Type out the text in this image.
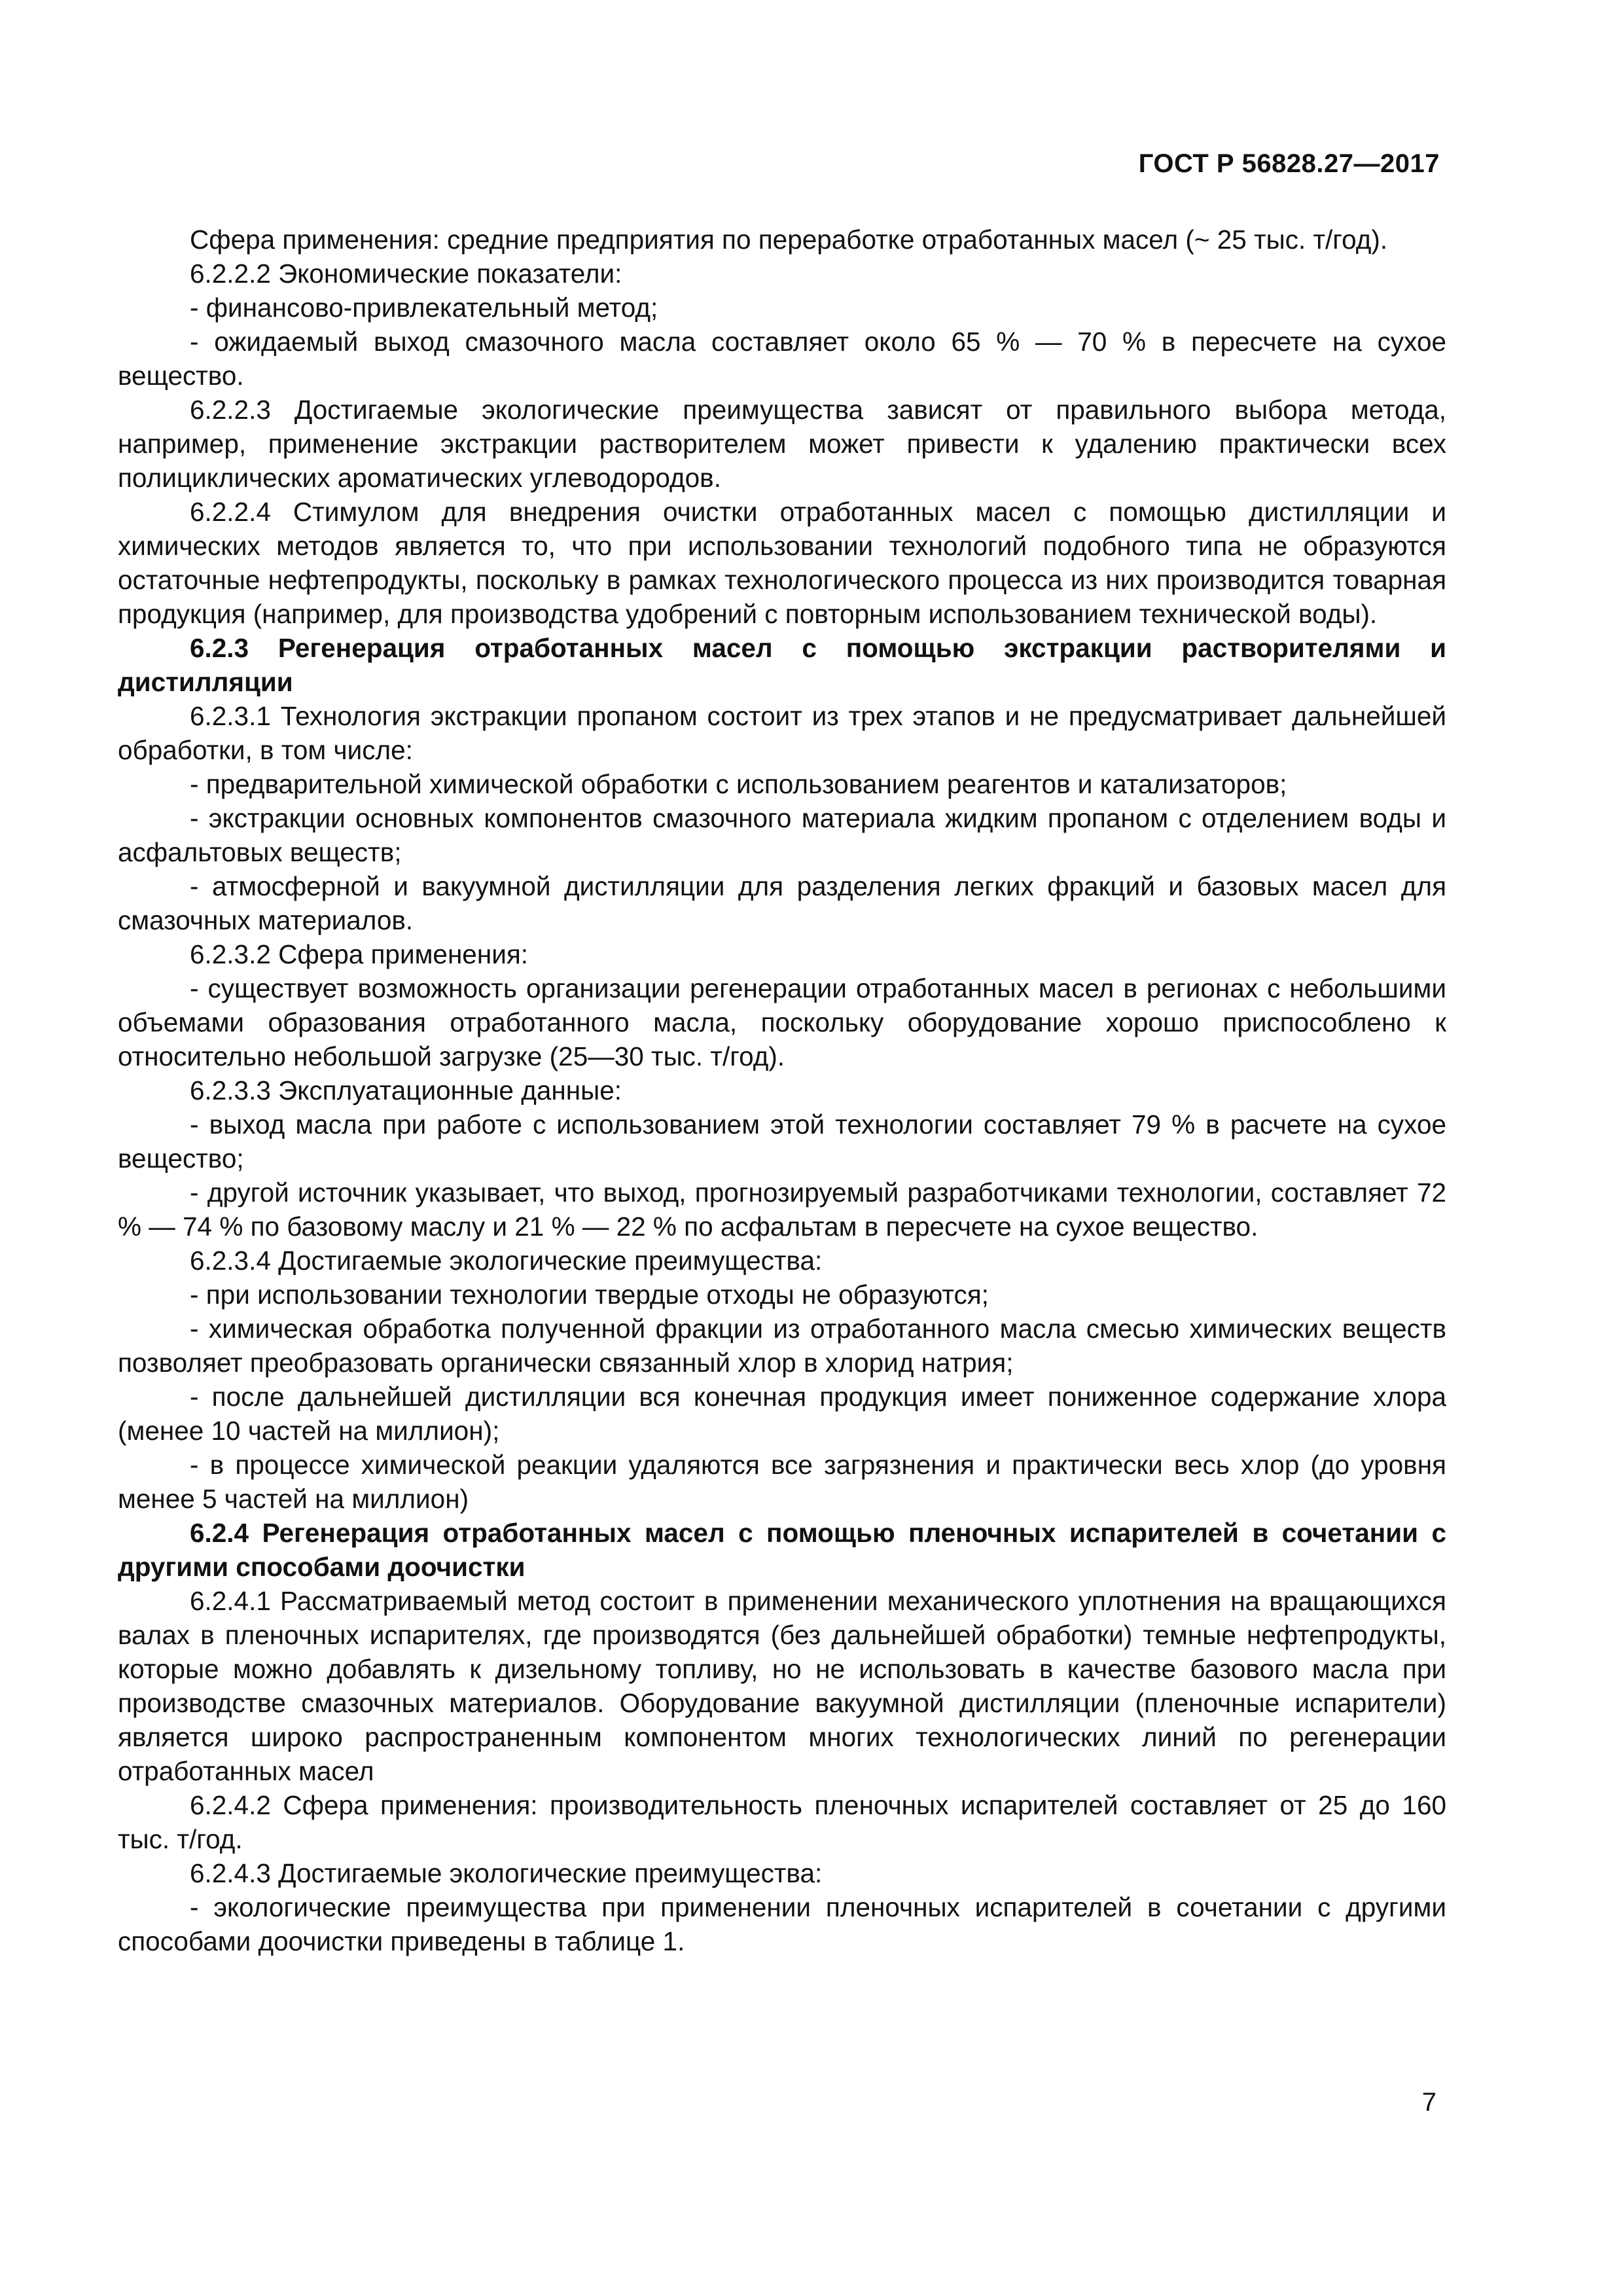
ГОСТ Р 56828.27—2017

Сфера применения: средние предприятия по переработке отработанных масел (~ 25 тыс. т/год).

6.2.2.2 Экономические показатели:

- финансово-привлекательный метод;

- ожидаемый выход смазочного масла составляет около 65 % — 70 % в пересчете на сухое вещество.

6.2.2.3 Достигаемые экологические преимущества зависят от правильного выбора метода, например, применение экстракции растворителем может привести к удалению практически всех полициклических ароматических углеводородов.

6.2.2.4 Стимулом для внедрения очистки отработанных масел с помощью дистилляции и химических методов является то, что при использовании технологий подобного типа не образуются остаточные нефтепродукты, поскольку в рамках технологического процесса из них производится товарная продукция (например, для производства удобрений с повторным использованием технической воды).

6.2.3 Регенерация отработанных масел с помощью экстракции растворителями и дистилляции

6.2.3.1 Технология экстракции пропаном состоит из трех этапов и не предусматривает дальнейшей обработки, в том числе:

- предварительной химической обработки с использованием реагентов и катализаторов;

- экстракции основных компонентов смазочного материала жидким пропаном с отделением воды и асфальтовых веществ;

- атмосферной и вакуумной дистилляции для разделения легких фракций и базовых масел для смазочных материалов.

6.2.3.2 Сфера применения:

- существует возможность организации регенерации отработанных масел в регионах с небольшими объемами образования отработанного масла, поскольку оборудование хорошо приспособлено к относительно небольшой загрузке (25—30 тыс. т/год).

6.2.3.3 Эксплуатационные данные:

- выход масла при работе с использованием этой технологии составляет 79 % в расчете на сухое вещество;

- другой источник указывает, что выход, прогнозируемый разработчиками технологии, составляет 72 % — 74 % по базовому маслу и 21 % — 22 % по асфальтам в пересчете на сухое вещество.

6.2.3.4 Достигаемые экологические преимущества:

- при использовании технологии твердые отходы не образуются;

- химическая обработка полученной фракции из отработанного масла смесью химических веществ позволяет преобразовать органически связанный хлор в хлорид натрия;

- после дальнейшей дистилляции вся конечная продукция имеет пониженное содержание хлора (менее 10 частей на миллион);

- в процессе химической реакции удаляются все загрязнения и практически весь хлор (до уровня менее 5 частей на миллион)

6.2.4 Регенерация отработанных масел с помощью пленочных испарителей в сочетании с другими способами доочистки

6.2.4.1 Рассматриваемый метод состоит в применении механического уплотнения на вращающихся валах в пленочных испарителях, где производятся (без дальнейшей обработки) темные нефтепродукты, которые можно добавлять к дизельному топливу, но не использовать в качестве базового масла при производстве смазочных материалов. Оборудование вакуумной дистилляции (пленочные испарители) является широко распространенным компонентом многих технологических линий по регенерации отработанных масел

6.2.4.2 Сфера применения: производительность пленочных испарителей составляет от 25 до 160 тыс. т/год.

6.2.4.3 Достигаемые экологические преимущества:

- экологические преимущества при применении пленочных испарителей в сочетании с другими способами доочистки приведены в таблице 1.

7
